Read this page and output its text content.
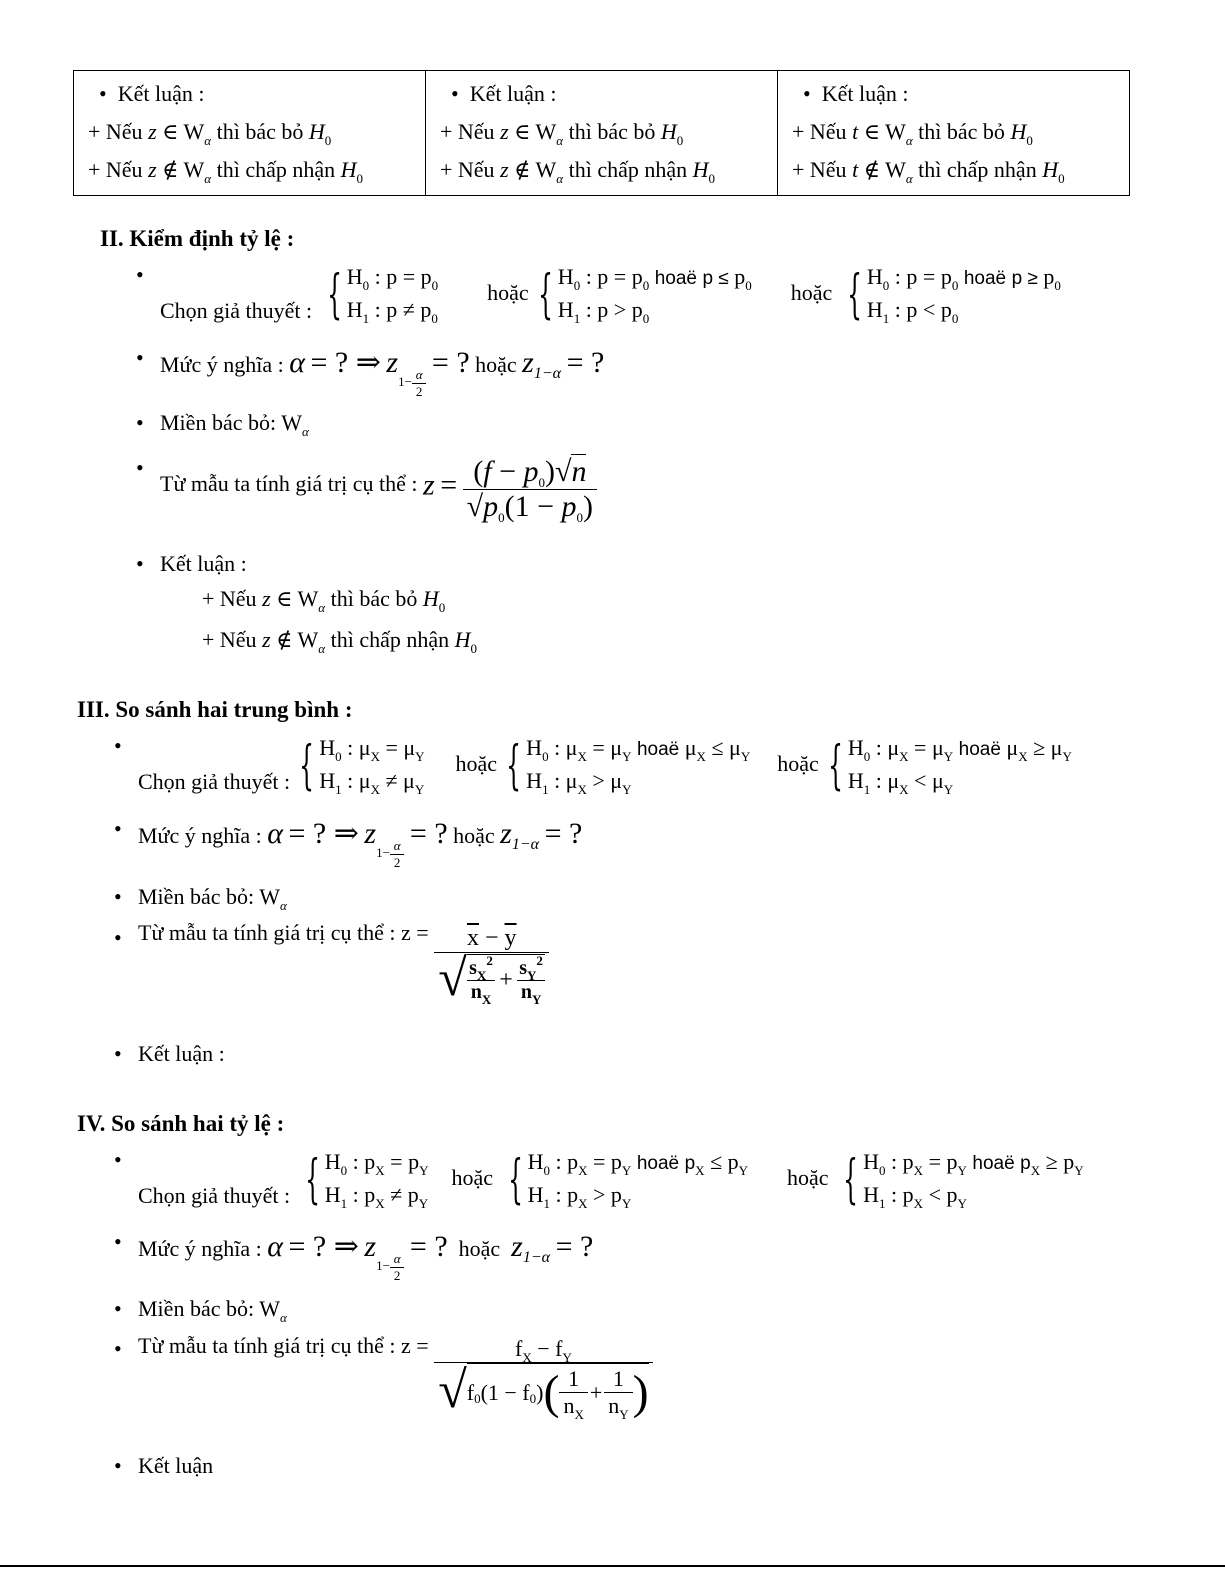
•  Kết luận :
+ Nếu z ∈ $W_\alpha$ thì bác bỏ $H_0$
+ Nếu z ∉ $W_\alpha$ thì chấp nhận $H_0$

•  Kết luận :
+ Nếu z ∈ $W_\alpha$ thì bác bỏ $H_0$
+ Nếu z ∉ $W_\alpha$ thì chấp nhận $H_0$

•  Kết luận :
+ Nếu t ∈ $W_\alpha$ thì bác bỏ $H_0$
+ Nếu t ∉ $W_\alpha$ thì chấp nhận $H_0$
II. Kiểm định tỷ lệ :
• Chọn giả thuyết : { $H_0$ : $p = p_0$
$H_1$ : $p \ne p_0$
hoặc { $H_0$ : $p = p_0$ hoaë $p \le p_0$
$H_1$ : $p > p_0$
hoặc { $H_0$ : $p = p_0$ hoaë $p \ge p_0$
$H_1$ : $p < p_0$
• Mức ý nghĩa : α = ? ⇒ $z_{1- \frac{\alpha}{2}}$
= ? hoặc $z_{1-\alpha}$ = ?
• Miền bác bỏ: $W_\alpha$
• Từ mẫu ta tính giá trị cụ thể : $z = \frac{(f - p_0)√n}{√p_0(1 - p_0)}$
• Kết luận :
+ Nếu z ∈ $W_\alpha$ thì bác bỏ $H_0$
+ Nếu z ∉ $W_\alpha$ thì chấp nhận $H_0$
III. So sánh hai trung bình :
• Chọn giả thuyết : { $H_0$ : $\mu_X = \mu_Y$
$H_1$ : $\mu_X \ne \mu_Y$
hoặc { $H_0$ : $\mu_X = \mu_Y$ hoaë $\mu_X \le \mu_Y$
$H_1$ : $\mu_X > \mu_Y$
hoặc { $H_0$ : $\mu_X = \mu_Y$ hoaë $\mu_X \ge \mu_Y$
$H_1$ : $\mu_X < \mu_Y$
• Mức ý nghĩa : α = ? ⇒ $z_{1- \frac{\alpha}{2}}$
= ? hoặc $z_{1-\alpha}$ = ?
• Miền bác bỏ: $W_\alpha$
• Từ mẫu ta tính giá trị cụ thể : $z = \frac{\overline{x} - \overline{y}}{√ \frac{s_X^2}{n_X} + \frac{s_Y^2}{n_Y}}$
• Kết luận :
IV. So sánh hai tỷ lệ :
• Chọn giả thuyết : { $H_0$ : $p_X = p_Y$
$H_1$ : $p_X \ne p_Y$
hoặc { $H_0$ : $p_X = p_Y$ hoaë $p_X \le p_Y$
$H_1$ : $p_X > p_Y$
hoặc { $H_0$ : $p_X = p_Y$ hoaë $p_X \ge p_Y$
$H_1$ : $p_X < p_Y$
• Mức ý nghĩa : α = ? ⇒ $z_{1- \frac{\alpha}{2}}$
= ? hoặc $z_{1-\alpha}$ = ?
• Miền bác bỏ: $W_\alpha$
• Từ mẫu ta tính giá trị cụ thể : z =	$f_X - f_Y$
√ f 0 (1 − f 0 ) ( $\frac{1}{n_X} + \frac{1}{n_Y}$ )
• Kết luận
